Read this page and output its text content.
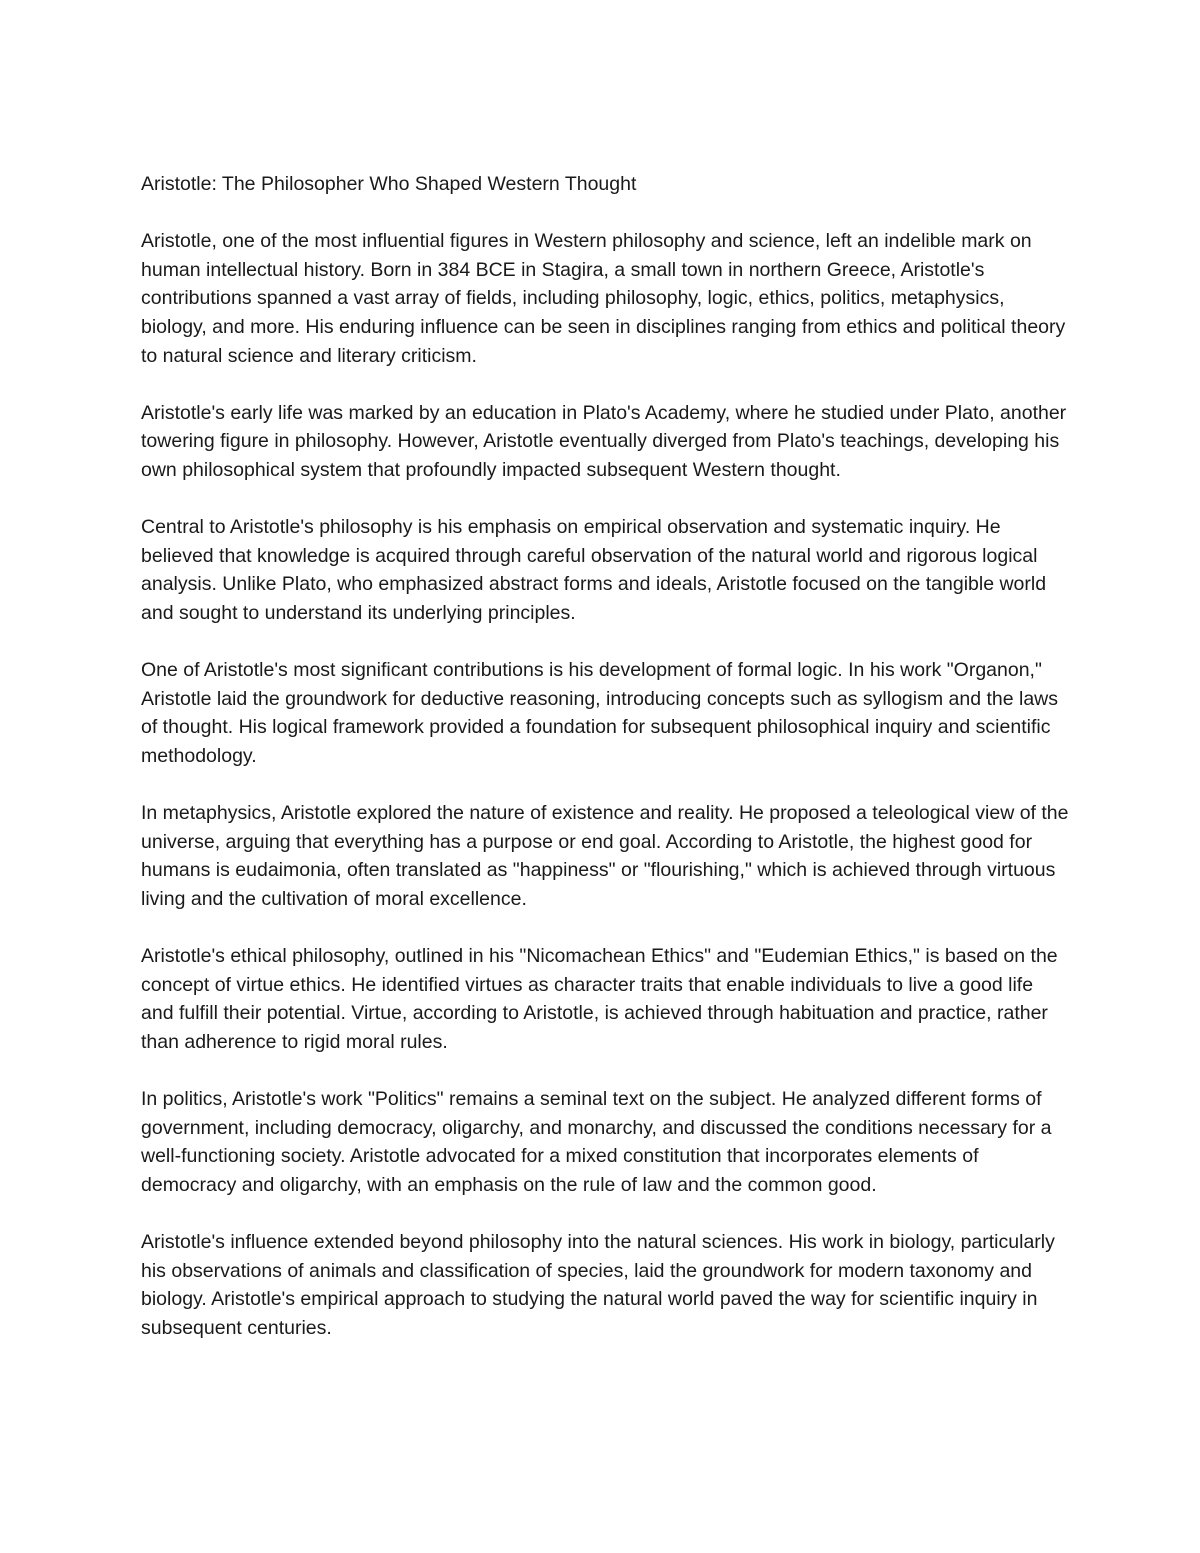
Aristotle: The Philosopher Who Shaped Western Thought

Aristotle, one of the most influential figures in Western philosophy and science, left an indelible mark on human intellectual history. Born in 384 BCE in Stagira, a small town in northern Greece, Aristotle's contributions spanned a vast array of fields, including philosophy, logic, ethics, politics, metaphysics, biology, and more. His enduring influence can be seen in disciplines ranging from ethics and political theory to natural science and literary criticism.

Aristotle's early life was marked by an education in Plato's Academy, where he studied under Plato, another towering figure in philosophy. However, Aristotle eventually diverged from Plato's teachings, developing his own philosophical system that profoundly impacted subsequent Western thought.

Central to Aristotle's philosophy is his emphasis on empirical observation and systematic inquiry. He believed that knowledge is acquired through careful observation of the natural world and rigorous logical analysis. Unlike Plato, who emphasized abstract forms and ideals, Aristotle focused on the tangible world and sought to understand its underlying principles.

One of Aristotle's most significant contributions is his development of formal logic. In his work "Organon," Aristotle laid the groundwork for deductive reasoning, introducing concepts such as syllogism and the laws of thought. His logical framework provided a foundation for subsequent philosophical inquiry and scientific methodology.

In metaphysics, Aristotle explored the nature of existence and reality. He proposed a teleological view of the universe, arguing that everything has a purpose or end goal. According to Aristotle, the highest good for humans is eudaimonia, often translated as "happiness" or "flourishing," which is achieved through virtuous living and the cultivation of moral excellence.

Aristotle's ethical philosophy, outlined in his "Nicomachean Ethics" and "Eudemian Ethics," is based on the concept of virtue ethics. He identified virtues as character traits that enable individuals to live a good life and fulfill their potential. Virtue, according to Aristotle, is achieved through habituation and practice, rather than adherence to rigid moral rules.

In politics, Aristotle's work "Politics" remains a seminal text on the subject. He analyzed different forms of government, including democracy, oligarchy, and monarchy, and discussed the conditions necessary for a well-functioning society. Aristotle advocated for a mixed constitution that incorporates elements of democracy and oligarchy, with an emphasis on the rule of law and the common good.

Aristotle's influence extended beyond philosophy into the natural sciences. His work in biology, particularly his observations of animals and classification of species, laid the groundwork for modern taxonomy and biology. Aristotle's empirical approach to studying the natural world paved the way for scientific inquiry in subsequent centuries.
